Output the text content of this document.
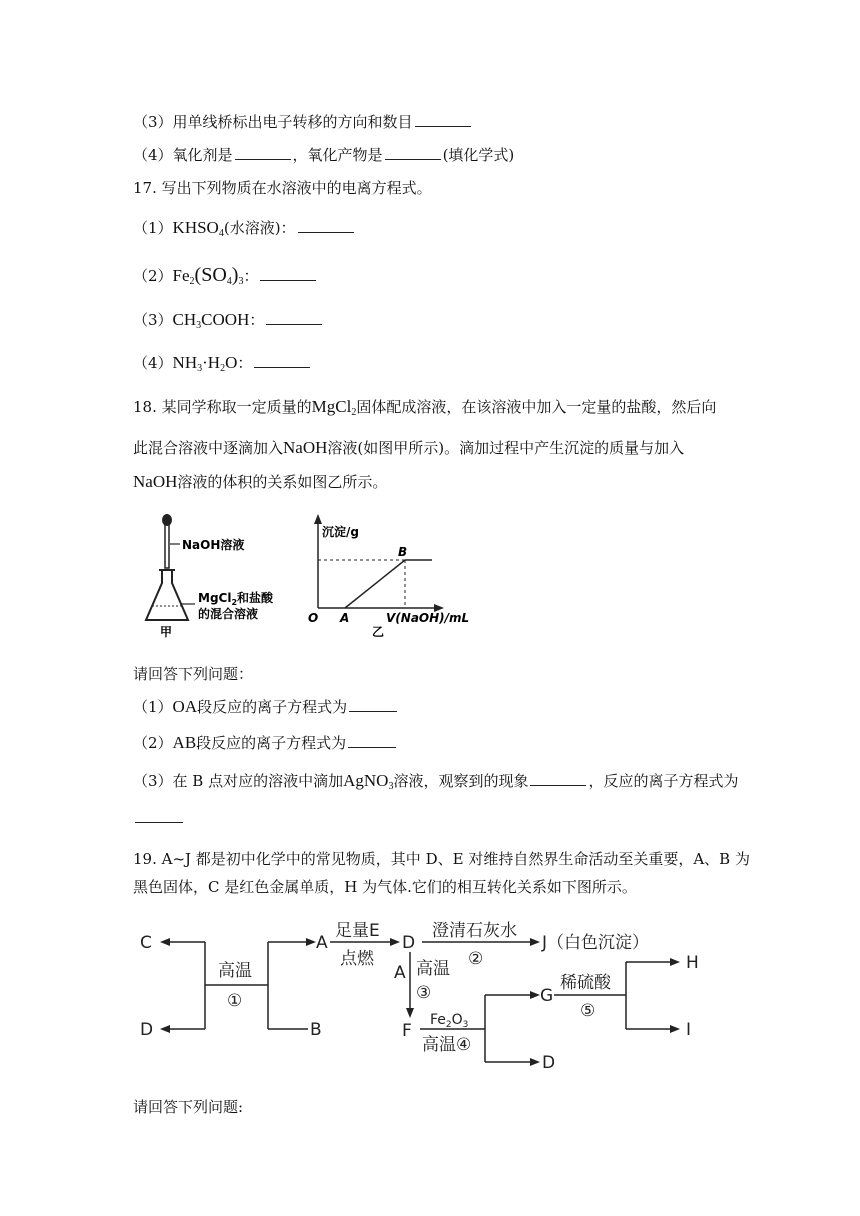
（3）用单线桥标出电子转移的方向和数目
（4）氧化剂是	，氧化产物是	(填化学式)
17. 写出下列物质在水溶液中的电离方程式。
$(1)KHSO_4$(水溶液)：
$(2)Fe_2(SO_4)_3$：
$(3)CH_3COOH$：
$(4)NH_3\cdot H_2O$：
18. 某同学称取一定质量的MgCl$_2$固体配成溶液，在该溶液中加入一定量的盐酸，然后向
此混合溶液中逐滴加入NaOH溶液(如图甲所示)。滴加过程中产生沉淀的质量与加入
NaOH溶液的体积的关系如图乙所示。
NaOH溶液
MgCl$_2$和盐酸
的混合溶液
甲
沉淀/g
O A
B
V(NaOH)/mL
乙
请回答下列问题：
（1）OA段反应的离子方程式为
（2）AB段反应的离子方程式为
（3）在 B 点对应的溶液中滴加AgNO$_3$溶液，观察到的现象	，反应的离子方程式为
19. A~J 都是初中化学中的常见物质，其中 D、E 对维持自然界生命活动至关重要，A、B 为
黑色固体，C 是红色金属单质，H 为气体.它们的相互转化关系如下图所示。
C
D
高温
①
A
B
足量E
点燃
D
澄清石灰水
②
J（白色沉淀）
A 高温
③
F
$Fe_2O_3$
高温④
G
D
稀硫酸
⑤
H
I
请回答下列问题:
